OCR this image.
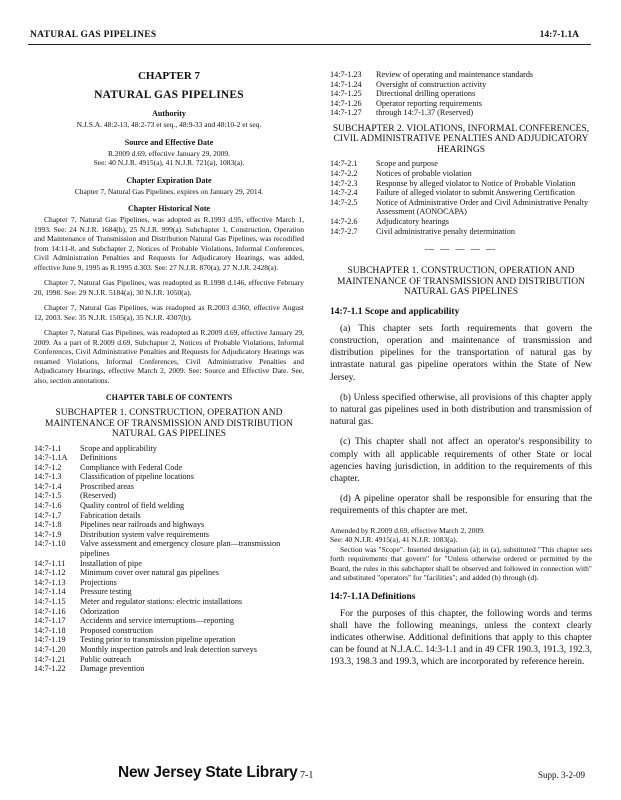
NATURAL GAS PIPELINES	14:7-1.1A
CHAPTER 7
NATURAL GAS PIPELINES
Authority
N.J.S.A. 48:2-13, 48:2-73 et seq., 48:9-33 and 48:10-2 et seq.
Source and Effective Date
R.2009 d.69, effective January 29, 2009.
See: 40 N.J.R. 4915(a), 41 N.J.R. 721(a), 1083(a).
Chapter Expiration Date
Chapter 7, Natural Gas Pipelines, expires on January 29, 2014.
Chapter Historical Note
Chapter 7, Natural Gas Pipelines, was adopted as R.1993 d.95, effective March 1, 1993. See: 24 N.J.R. 1684(b), 25 N.J.R. 999(a). Subchapter 1, Construction, Operation and Maintenance of Transmission and Distribution Natural Gas Pipelines, was recodified from 14:11-8, and Subchapter 2, Notices of Probable Violations, Informal Conferences, Civil Administration Penalties and Requests for Adjudicatory Hearings, was added, effective June 9, 1995 as R.1995 d.303. See: 27 N.J.R. 870(a), 27 N.J.R. 2428(a).
Chapter 7, Natural Gas Pipelines, was readopted as R.1998 d.146, effective February 20, 1998. See: 29 N.J.R. 5184(a), 30 N.J.R. 1050(a).
Chapter 7, Natural Gas Pipelines, was readopted as R.2003 d.360, effective August 12, 2003. See: 35 N.J.R. 1505(a), 35 N.J.R. 4307(b).
Chapter 7, Natural Gas Pipelines, was readopted as R.2009 d.69, effective January 29, 2009. As a part of R.2009 d.69, Subchapter 2, Notices of Probable Violations, Informal Conferences, Civil Administrative Penalties and Requests for Adjudicatory Hearings was renamed Violations, Informal Conferences, Civil Administrative Penalties and Adjudicatory Hearings, effective March 2, 2009. See: Source and Effective Date. See, also, section annotations.
CHAPTER TABLE OF CONTENTS
SUBCHAPTER 1. CONSTRUCTION, OPERATION AND MAINTENANCE OF TRANSMISSION AND DISTRIBUTION NATURAL GAS PIPELINES
14:7-1.1	Scope and applicability
14:7-1.1A	Definitions
14:7-1.2	Compliance with Federal Code
14:7-1.3	Classification of pipeline locations
14:7-1.4	Proscribed areas
14:7-1.5	(Reserved)
14:7-1.6	Quality control of field welding
14:7-1.7	Fabrication details
14:7-1.8	Pipelines near railroads and highways
14:7-1.9	Distribution system valve requirements
14:7-1.10	Valve assessment and emergency closure plan—transmission pipelines
14:7-1.11	Installation of pipe
14:7-1.12	Minimum cover over natural gas pipelines
14:7-1.13	Projections
14:7-1.14	Pressure testing
14:7-1.15	Meter and regulator stations: electric installations
14:7-1.16	Odorization
14:7-1.17	Accidents and service interruptions—reporting
14:7-1.18	Proposed construction
14:7-1.19	Testing prior to transmission pipeline operation
14:7-1.20	Monthly inspection patrols and leak detection surveys
14:7-1.21	Public outreach
14:7-1.22	Damage prevention
14:7-1.23	Review of operating and maintenance standards
14:7-1.24	Oversight of construction activity
14:7-1.25	Directional drilling operations
14:7-1.26	Operator reporting requirements
14:7-1.27	through 14:7-1.37 (Reserved)
SUBCHAPTER 2. VIOLATIONS, INFORMAL CONFERENCES, CIVIL ADMINISTRATIVE PENALTIES AND ADJUDICATORY HEARINGS
14:7-2.1	Scope and purpose
14:7-2.2	Notices of probable violation
14:7-2.3	Response by alleged violator to Notice of Probable Violation
14:7-2.4	Failure of alleged violator to submit Answering Certification
14:7-2.5	Notice of Administrative Order and Civil Administrative Penalty Assessment (AONOCAPA)
14:7-2.6	Adjudicatory hearings
14:7-2.7	Civil administrative penalty determination
— — — — —
SUBCHAPTER 1. CONSTRUCTION, OPERATION AND MAINTENANCE OF TRANSMISSION AND DISTRIBUTION NATURAL GAS PIPELINES
14:7-1.1 Scope and applicability

(a) This chapter sets forth requirements that govern the construction, operation and maintenance of transmission and distribution pipelines for the transportation of natural gas by intrastate natural gas pipeline operators within the State of New Jersey.

(b) Unless specified otherwise, all provisions of this chapter apply to natural gas pipelines used in both distribution and transmission of natural gas.

(c) This chapter shall not affect an operator's responsibility to comply with all applicable requirements of other State or local agencies having jurisdiction, in addition to the requirements of this chapter.

(d) A pipeline operator shall be responsible for ensuring that the requirements of this chapter are met.

Amended by R.2009 d.69, effective March 2, 2009.
See: 40 N.J.R. 4915(a), 41 N.J.R. 1083(a).
Section was "Scope". Inserted designation (a); in (a), substituted "This chapter sets forth requirements that govern" for "Unless otherwise ordered or permitted by the Board, the rules in this subchapter shall be observed and followed in connection with" and substituted "operators" for "facilities"; and added (b) through (d).
14:7-1.1A Definitions

For the purposes of this chapter, the following words and terms shall have the following meanings, unless the context clearly indicates otherwise. Additional definitions that apply to this chapter can be found at N.J.A.C. 14:3-1.1 and in 49 CFR 190.3, 191.3, 192.3, 193.3, 198.3 and 199.3, which are incorporated by reference herein.

New Jersey State Library 7-1	Supp. 3-2-09
